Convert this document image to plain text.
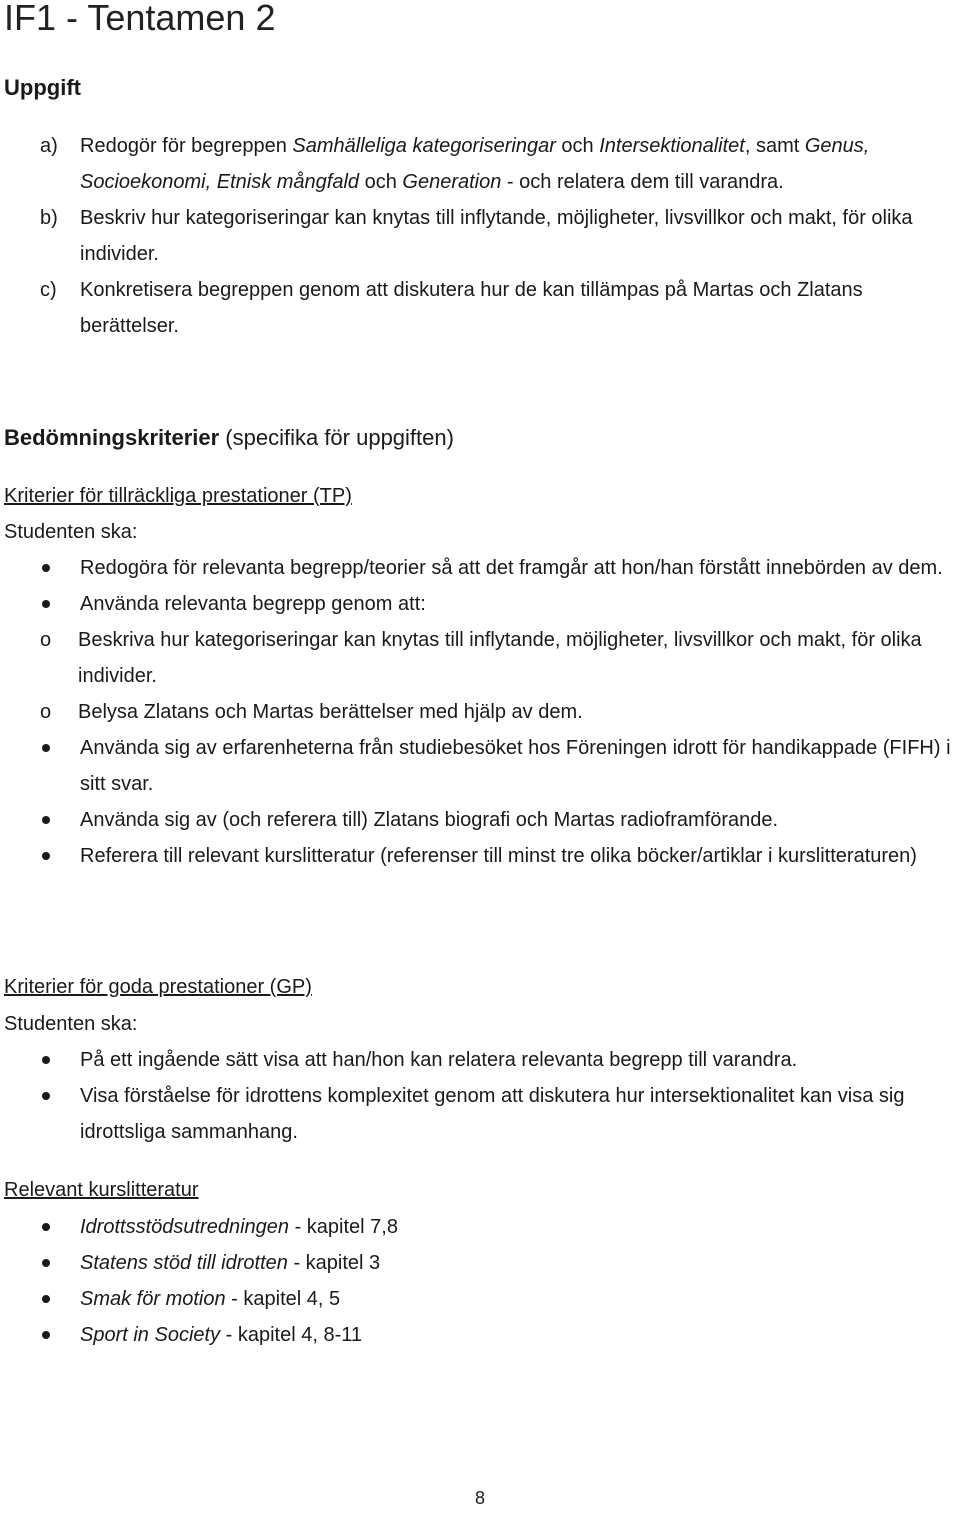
IF1 - Tentamen 2
Uppgift
a) Redogör för begreppen Samhälleliga kategoriseringar och Intersektionalitet, samt Genus, Socioekonomi, Etnisk mångfald och Generation - och relatera dem till varandra.
b) Beskriv hur kategoriseringar kan knytas till inflytande, möjligheter, livsvillkor och makt, för olika individer.
c) Konkretisera begreppen genom att diskutera hur de kan tillämpas på Martas och Zlatans berättelser.
Bedömningskriterier (specifika för uppgiften)
Kriterier för tillräckliga prestationer (TP)
Studenten ska:
Redogöra för relevanta begrepp/teorier så att det framgår att hon/han förstått innebörden av dem.
Använda relevanta begrepp genom att:
o Beskriva hur kategoriseringar kan knytas till inflytande, möjligheter, livsvillkor och makt, för olika individer.
o Belysa Zlatans och Martas berättelser med hjälp av dem.
Använda sig av erfarenheterna från studiebesöket hos Föreningen idrott för handikappade (FIFH) i sitt svar.
Använda sig av (och referera till) Zlatans biografi och Martas radioframförande.
Referera till relevant kurslitteratur (referenser till minst tre olika böcker/artiklar i kurslitteraturen)
Kriterier för goda prestationer (GP)
Studenten ska:
På ett ingående sätt visa att han/hon kan relatera relevanta begrepp till varandra.
Visa förståelse för idrottens komplexitet genom att diskutera hur intersektionalitet kan visa sig idrottsliga sammanhang.
Relevant kurslitteratur
Idrottsstödsutredningen - kapitel 7,8
Statens stöd till idrotten - kapitel 3
Smak för motion - kapitel 4, 5
Sport in Society - kapitel 4, 8-11
8
